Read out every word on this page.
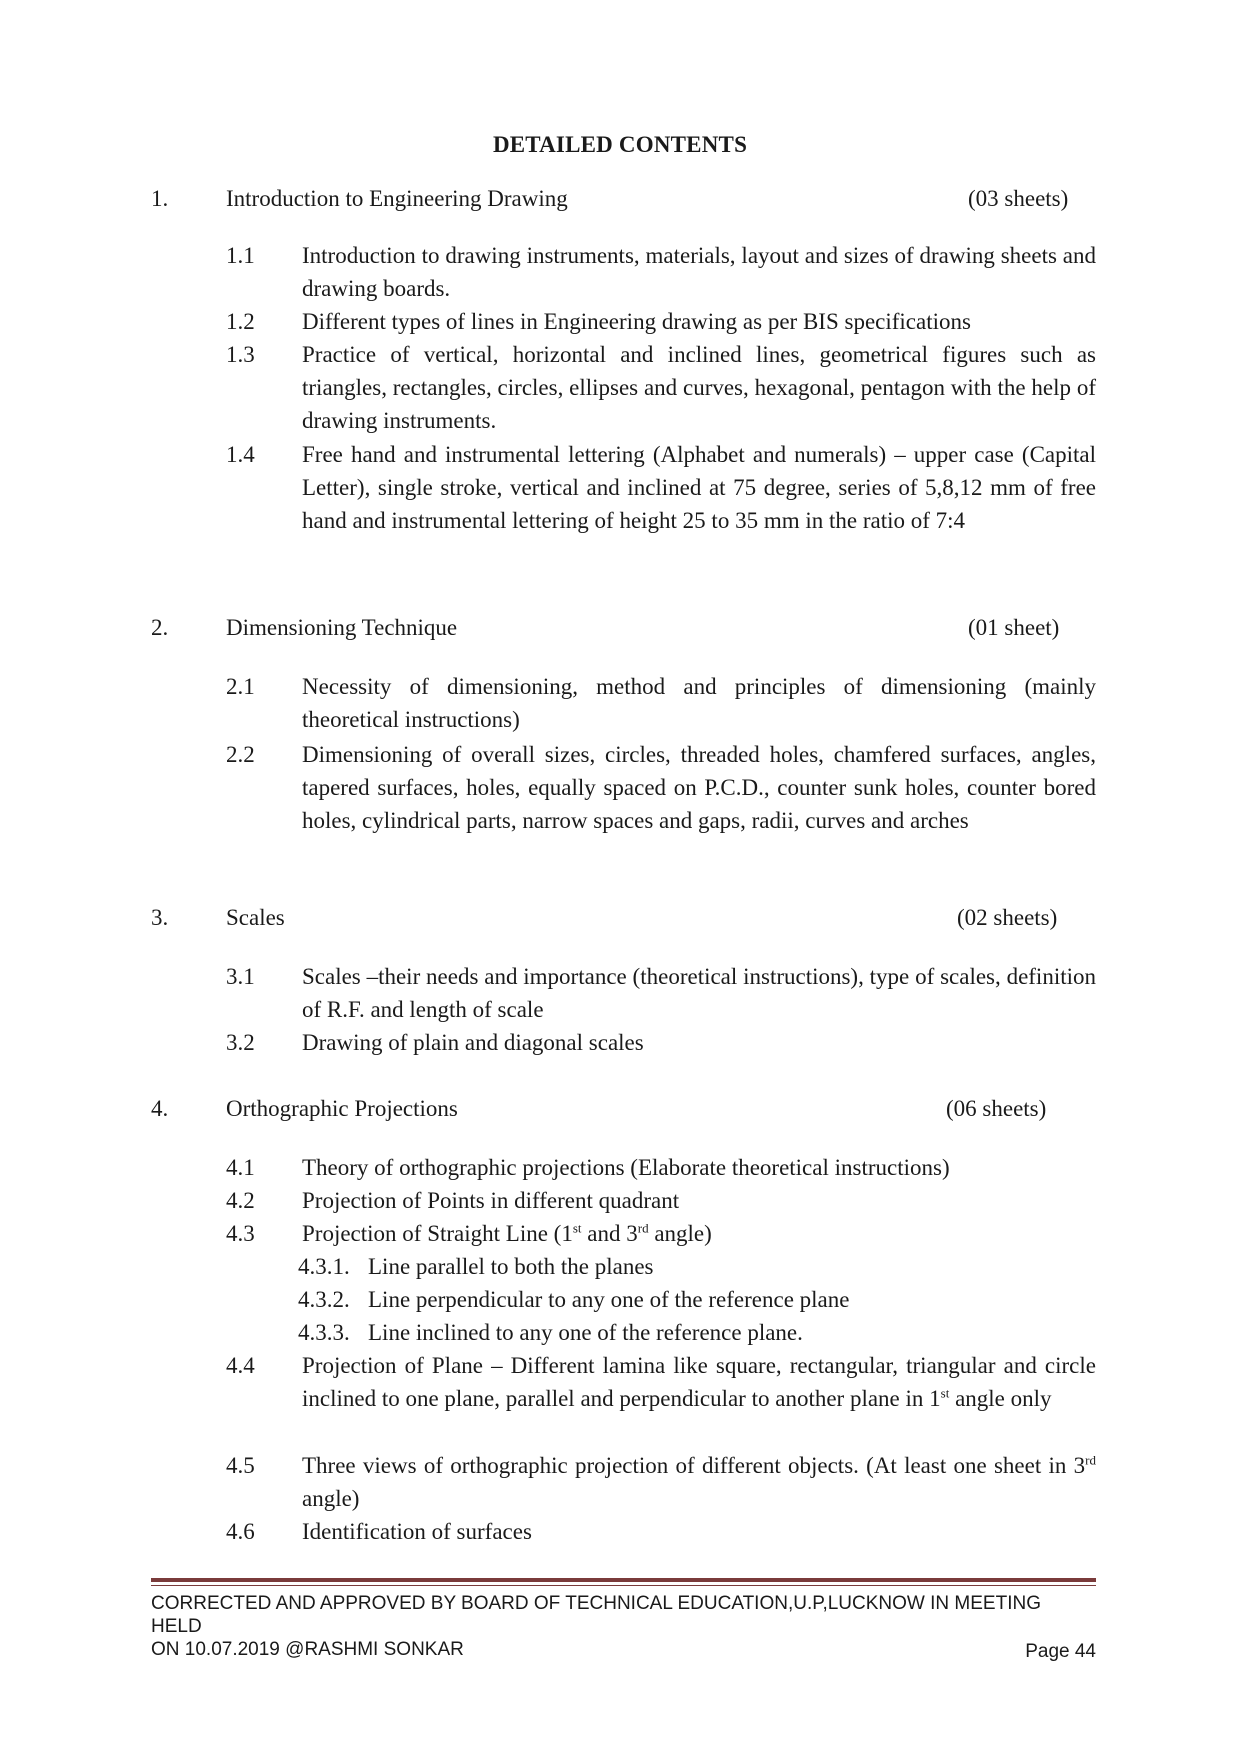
DETAILED CONTENTS
1.	Introduction to Engineering Drawing	(03 sheets)
1.1 Introduction to drawing instruments, materials, layout and sizes of drawing sheets and drawing boards.
1.2 Different types of lines in Engineering drawing as per BIS specifications
1.3 Practice of vertical, horizontal and inclined lines, geometrical figures such as triangles, rectangles, circles, ellipses and curves, hexagonal, pentagon with the help of drawing instruments.
1.4 Free hand and instrumental lettering (Alphabet and numerals) – upper case (Capital Letter), single stroke, vertical and inclined at 75 degree, series of 5,8,12 mm of free hand and instrumental lettering of height 25 to 35 mm in the ratio of 7:4
2.	Dimensioning Technique	(01 sheet)
2.1 Necessity of dimensioning, method and principles of dimensioning (mainly theoretical instructions)
2.2 Dimensioning of overall sizes, circles, threaded holes, chamfered surfaces, angles, tapered surfaces, holes, equally spaced on P.C.D., counter sunk holes, counter bored holes, cylindrical parts, narrow spaces and gaps, radii, curves and arches
3.	Scales	(02 sheets)
3.1 Scales –their needs and importance (theoretical instructions), type of scales, definition of R.F. and length of scale
3.2 Drawing of plain and diagonal scales
4.	Orthographic Projections	(06 sheets)
4.1 Theory of orthographic projections (Elaborate theoretical instructions)
4.2 Projection of Points in different quadrant
4.3 Projection of Straight Line (1st and 3rd angle)
4.3.1. Line parallel to both the planes
4.3.2. Line perpendicular to any one of the reference plane
4.3.3. Line inclined to any one of the reference plane.
4.4 Projection of Plane – Different lamina like square, rectangular, triangular and circle inclined to one plane, parallel and perpendicular to another plane in 1st angle only
4.5 Three views of orthographic projection of different objects. (At least one sheet in 3rd angle)
4.6 Identification of surfaces
CORRECTED AND APPROVED BY BOARD OF TECHNICAL EDUCATION,U.P,LUCKNOW IN MEETING HELD
ON 10.07.2019 @RASHMI SONKAR	Page 44
